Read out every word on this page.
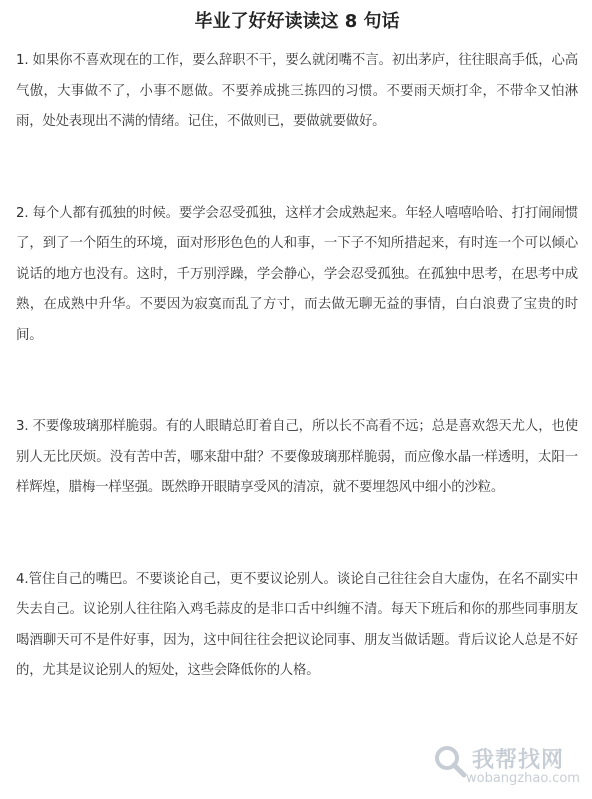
毕业了好好读读这 8 句话

1. 如果你不喜欢现在的工作，要么辞职不干，要么就闭嘴不言。初出茅庐，往往眼高手低，心高气傲，大事做不了，小事不愿做。不要养成挑三拣四的习惯。不要雨天烦打伞，不带伞又怕淋雨，处处表现出不满的情绪。记住，不做则已，要做就要做好。

2. 每个人都有孤独的时候。要学会忍受孤独，这样才会成熟起来。年轻人嘻嘻哈哈、打打闹闹惯了，到了一个陌生的环境，面对形形色色的人和事，一下子不知所措起来，有时连一个可以倾心说话的地方也没有。这时，千万别浮躁，学会静心，学会忍受孤独。在孤独中思考，在思考中成熟，在成熟中升华。不要因为寂寞而乱了方寸，而去做无聊无益的事情，白白浪费了宝贵的时间。

3. 不要像玻璃那样脆弱。有的人眼睛总盯着自己，所以长不高看不远；总是喜欢怨天尤人，也使别人无比厌烦。没有苦中苦，哪来甜中甜？不要像玻璃那样脆弱，而应像水晶一样透明，太阳一样辉煌，腊梅一样坚强。既然睁开眼睛享受风的清凉，就不要埋怨风中细小的沙粒。

4.管住自己的嘴巴。不要谈论自己，更不要议论别人。谈论自己往往会自大虚伪，在名不副实中失去自己。议论别人往往陷入鸡毛蒜皮的是非口舌中纠缠不清。每天下班后和你的那些同事朋友喝酒聊天可不是件好事，因为，这中间往往会把议论同事、朋友当做话题。背后议论人总是不好的，尤其是议论别人的短处，这些会降低你的人格。

我帮找网
wobangzhao.com
